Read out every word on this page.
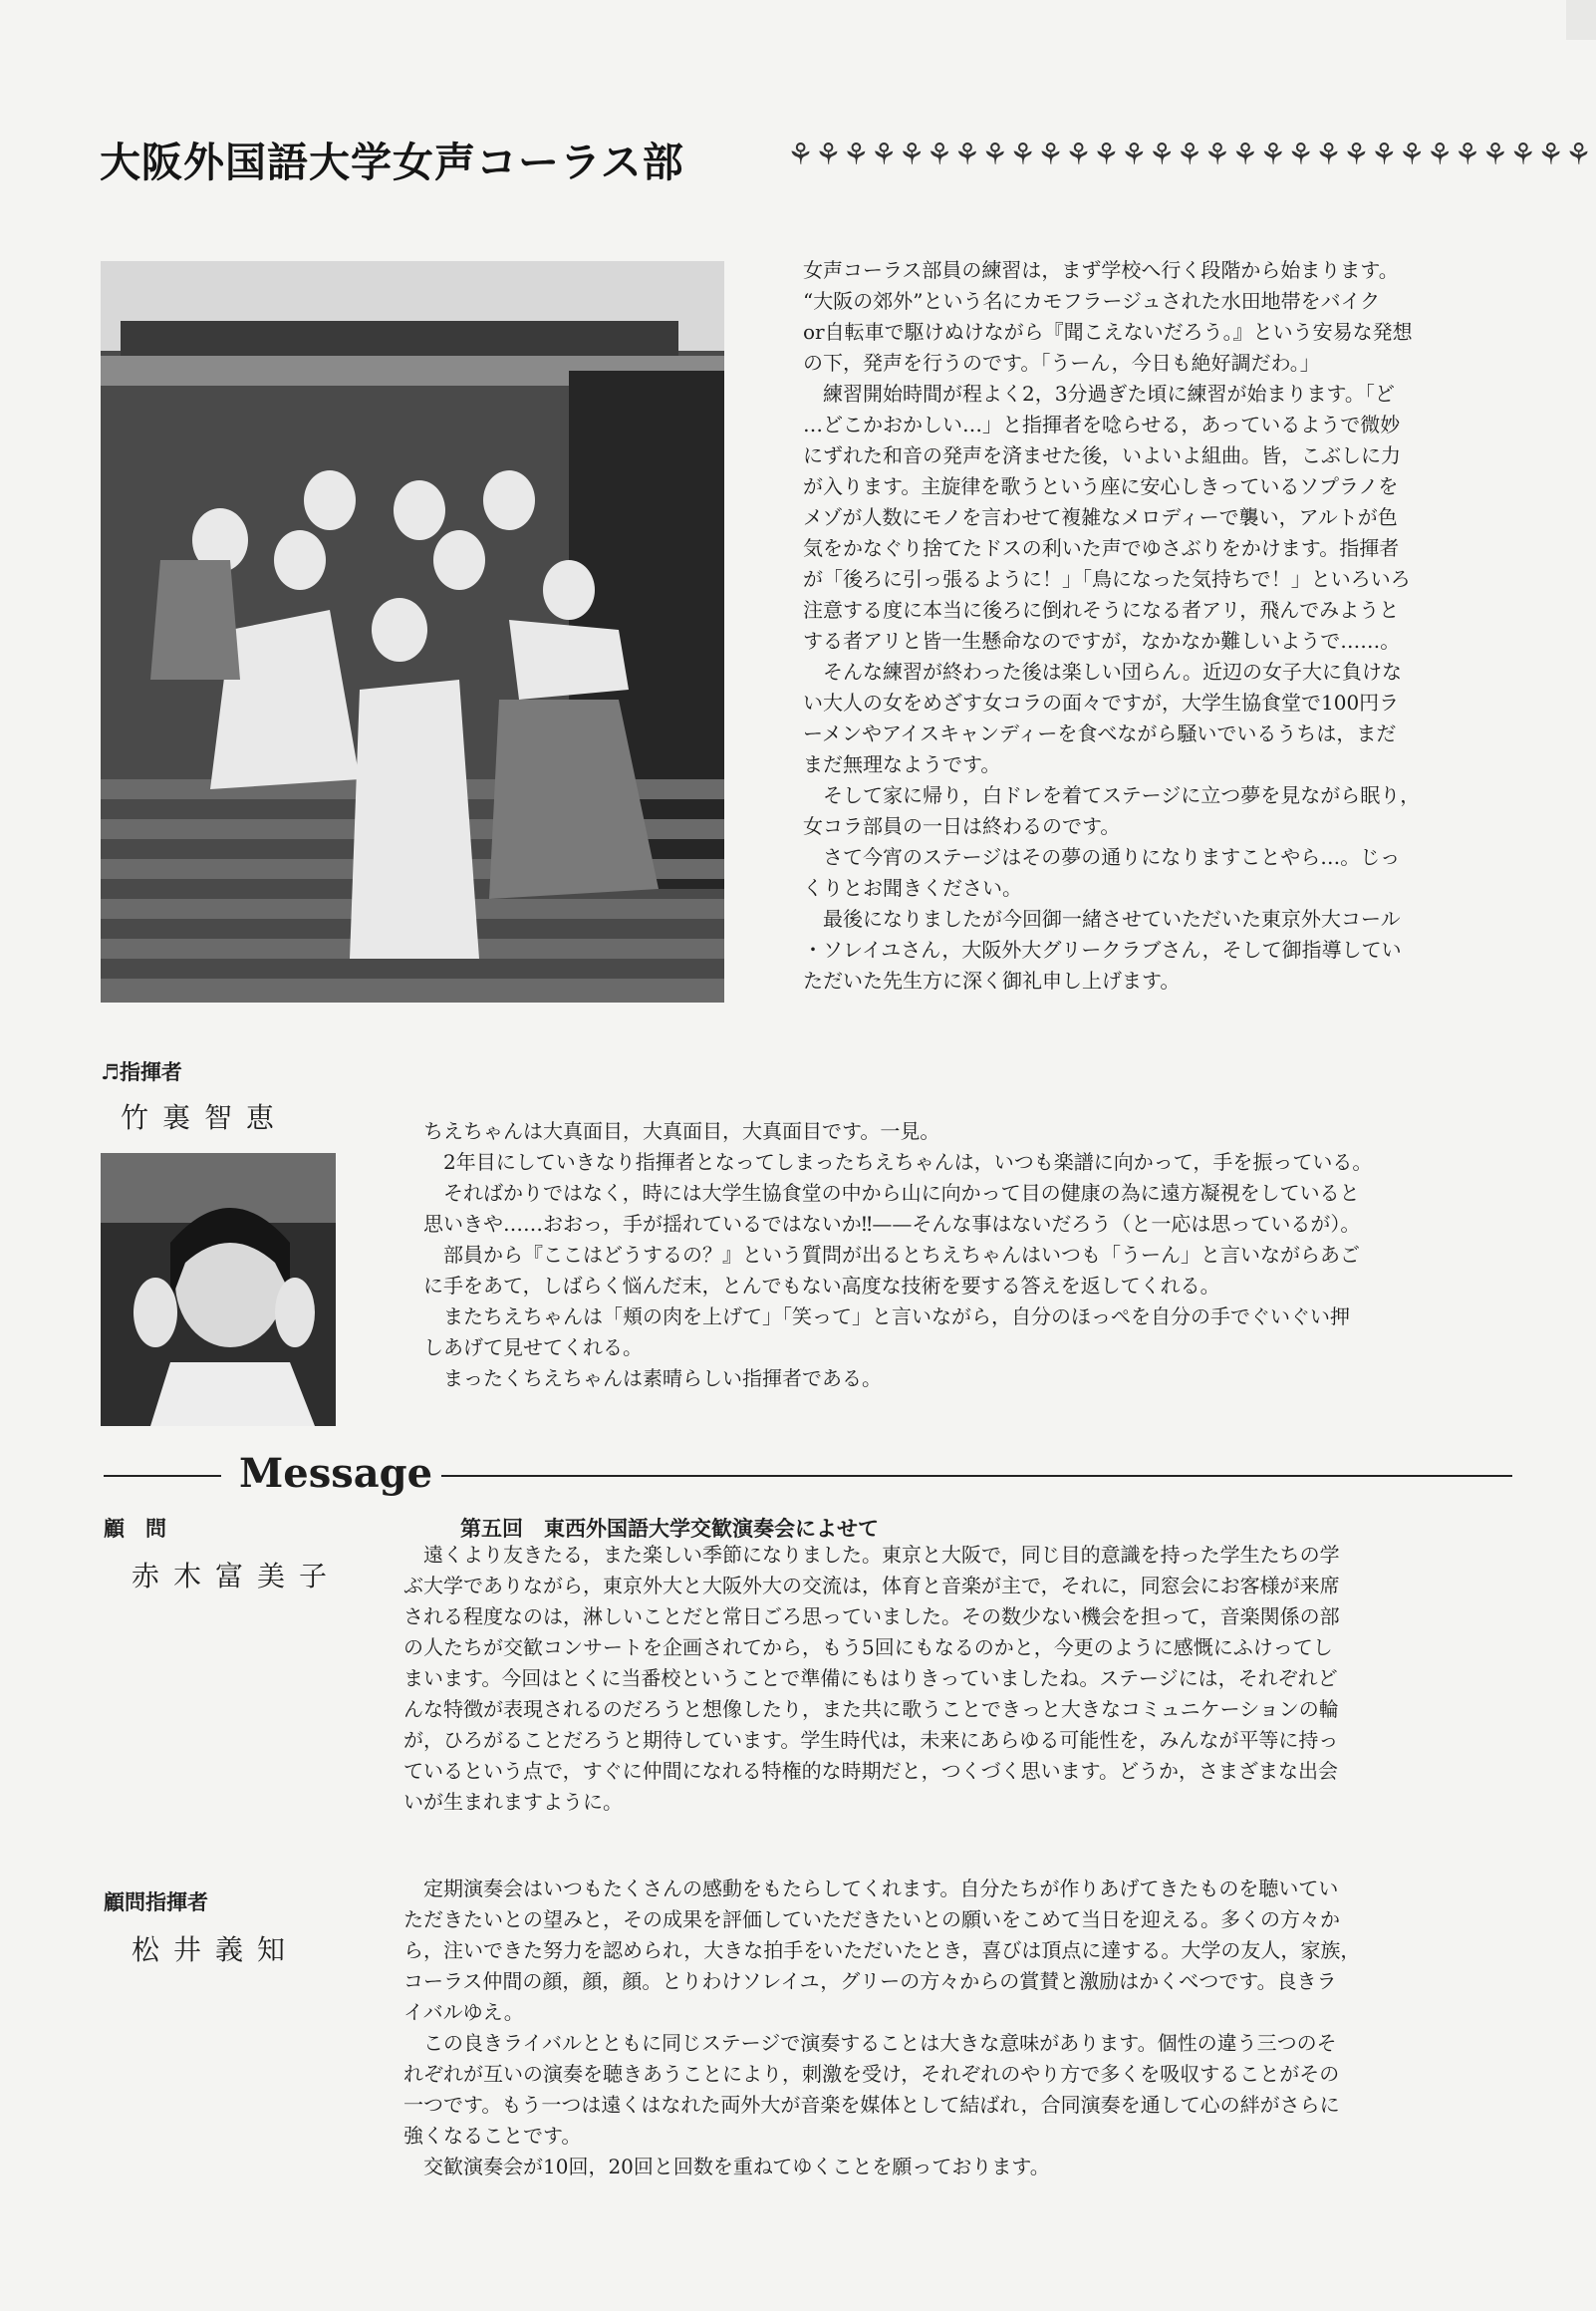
大阪外国語大学女声コーラス部	⚘⚘⚘⚘⚘⚘⚘⚘⚘⚘⚘⚘⚘⚘⚘⚘⚘⚘⚘⚘⚘⚘⚘⚘⚘⚘⚘⚘⚘

女声コーラス部員の練習は，まず学校へ行く段階から始まります。

“大阪の郊外”という名にカモフラージュされた水田地帯をバイク

or自転車で駆けぬけながら『聞こえないだろう。』という安易な発想

の下，発声を行うのです。「うーん，今日も絶好調だわ。」

　練習開始時間が程よく2，3分過ぎた頃に練習が始まります。「ど

…どこかおかしい…」と指揮者を唸らせる，あっているようで微妙

にずれた和音の発声を済ませた後，いよいよ組曲。皆，こぶしに力

が入ります。主旋律を歌うという座に安心しきっているソプラノを

メゾが人数にモノを言わせて複雑なメロディーで襲い，アルトが色

気をかなぐり捨てたドスの利いた声でゆさぶりをかけます。指揮者

が「後ろに引っ張るように！」「鳥になった気持ちで！」といろいろ

注意する度に本当に後ろに倒れそうになる者アリ，飛んでみようと

する者アリと皆一生懸命なのですが，なかなか難しいようで……。

　そんな練習が終わった後は楽しい団らん。近辺の女子大に負けな

い大人の女をめざす女コラの面々ですが，大学生協食堂で100円ラ

ーメンやアイスキャンディーを食べながら騒いでいるうちは，まだ

まだ無理なようです。

　そして家に帰り，白ドレを着てステージに立つ夢を見ながら眠り，

女コラ部員の一日は終わるのです。

　さて今宵のステージはその夢の通りになりますことやら…。じっ

くりとお聞きください。

　最後になりましたが今回御一緒させていただいた東京外大コール

・ソレイユさん，大阪外大グリークラブさん，そして御指導してい

ただいた先生方に深く御礼申し上げます。

♬指揮者
竹裏智恵	ちえちゃんは大真面目，大真面目，大真面目です。一見。

2年目にしていきなり指揮者となってしまったちえちゃんは，いつも楽譜に向かって，手を振っている。

そればかりではなく，時には大学生協食堂の中から山に向かって目の健康の為に遠方凝視をしていると

思いきや……おおっ，手が揺れているではないか‼——そんな事はないだろう（と一応は思っているが）。

部員から『ここはどうするの？』という質問が出るとちえちゃんはいつも「うーん」と言いながらあご

に手をあて，しばらく悩んだ末，とんでもない高度な技術を要する答えを返してくれる。

またちえちゃんは「頬の肉を上げて」「笑って」と言いながら，自分のほっぺを自分の手でぐいぐい押

しあげて見せてくれる。

まったくちえちゃんは素晴らしい指揮者である。

Message
顧　問
赤木富美子
第五回　東西外国語大学交歓演奏会によせて

遠くより友きたる，また楽しい季節になりました。東京と大阪で，同じ目的意識を持った学生たちの学

ぶ大学でありながら，東京外大と大阪外大の交流は，体育と音楽が主で，それに，同窓会にお客様が来席

される程度なのは，淋しいことだと常日ごろ思っていました。その数少ない機会を担って，音楽関係の部

の人たちが交歓コンサートを企画されてから，もう5回にもなるのかと，今更のように感慨にふけってし

まいます。今回はとくに当番校ということで準備にもはりきっていましたね。ステージには，それぞれど

んな特徴が表現されるのだろうと想像したり，また共に歌うことできっと大きなコミュニケーションの輪

が，ひろがることだろうと期待しています。学生時代は，未来にあらゆる可能性を，みんなが平等に持っ

ているという点で，すぐに仲間になれる特権的な時期だと，つくづく思います。どうか，さまざまな出会

いが生まれますように。

顧問指揮者
松井義知

定期演奏会はいつもたくさんの感動をもたらしてくれます。自分たちが作りあげてきたものを聴いてい

ただきたいとの望みと，その成果を評価していただきたいとの願いをこめて当日を迎える。多くの方々か

ら，注いできた努力を認められ，大きな拍手をいただいたとき，喜びは頂点に達する。大学の友人，家族，

コーラス仲間の顔，顔，顔。とりわけソレイユ，グリーの方々からの賞賛と激励はかくべつです。良きラ

イバルゆえ。

　この良きライバルとともに同じステージで演奏することは大きな意味があります。個性の違う三つのそ

れぞれが互いの演奏を聴きあうことにより，刺激を受け，それぞれのやり方で多くを吸収することがその

一つです。もう一つは遠くはなれた両外大が音楽を媒体として結ばれ，合同演奏を通して心の絆がさらに

強くなることです。

　交歓演奏会が10回，20回と回数を重ねてゆくことを願っております。
